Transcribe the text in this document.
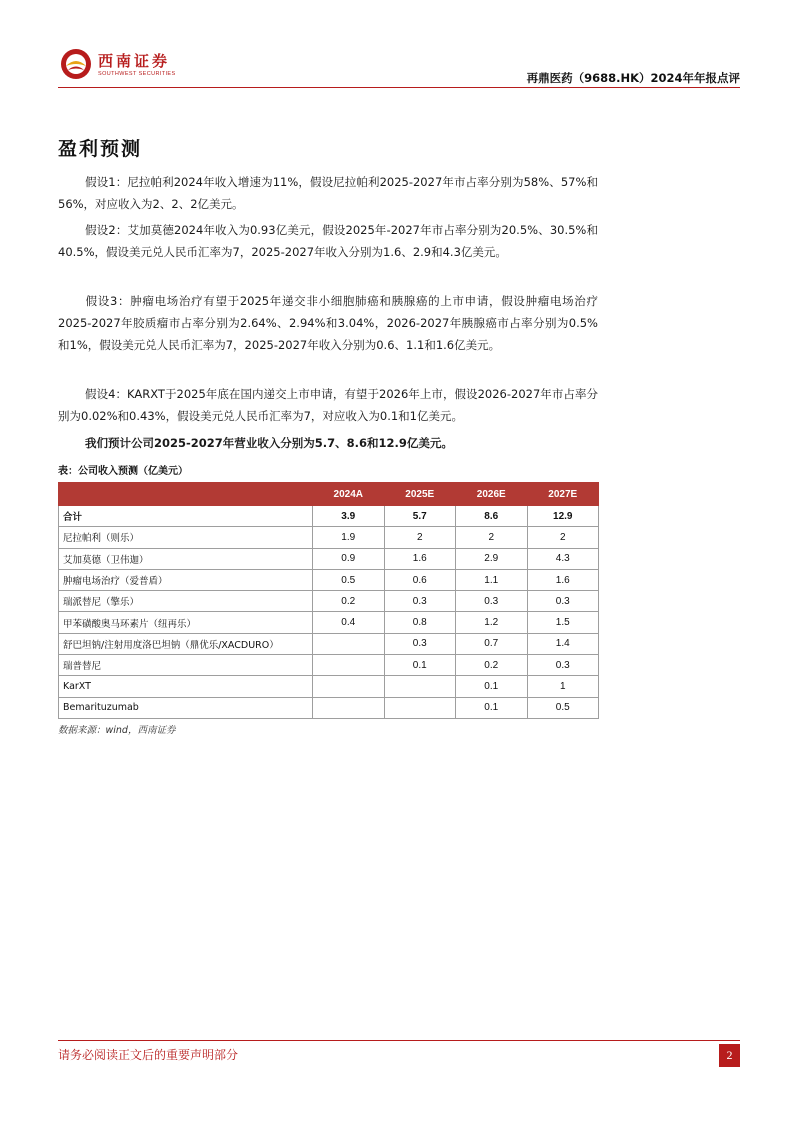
西南证券
SOUTHWEST SECURITIES	再鼎医药（9688.HK）2024年年报点评
盈利预测

假设1：尼拉帕利2024年收入增速为11%，假设尼拉帕利2025-2027年市占率分别为58%、57%和56%，对应收入为2、2、2亿美元。

假设2：艾加莫德2024年收入为0.93亿美元，假设2025年-2027年市占率分别为20.5%、30.5%和40.5%，假设美元兑人民币汇率为7，2025-2027年收入分别为1.6、2.9和4.3亿美元。

假设3：肿瘤电场治疗有望于2025年递交非小细胞肺癌和胰腺癌的上市申请，假设肿瘤电场治疗2025-2027年胶质瘤市占率分别为2.64%、2.94%和3.04%，2026-2027年胰腺癌市占率分别为0.5%和1%，假设美元兑人民币汇率为7，2025-2027年收入分别为0.6、1.1和1.6亿美元。

假设4：KARXT于2025年底在国内递交上市申请，有望于2026年上市，假设2026-2027年市占率分别为0.02%和0.43%，假设美元兑人民币汇率为7，对应收入为0.1和1亿美元。

我们预计公司2025-2027年营业收入分别为5.7、8.6和12.9亿美元。

表：公司收入预测（亿美元）
	2024A	2025E	2026E	2027E
合计	3.9	5.7	8.6	12.9
尼拉帕利（则乐）	1.9	2	2	2
艾加莫德（卫伟迦）	0.9	1.6	2.9	4.3
肿瘤电场治疗（爱普盾）	0.5	0.6	1.1	1.6
瑞派替尼（擎乐）	0.2	0.3	0.3	0.3
甲苯磺酸奥马环素片（纽再乐）	0.4	0.8	1.2	1.5
舒巴坦钠/注射用度洛巴坦钠（鼎优乐/XACDURO）		0.3	0.7	1.4
瑞普替尼		0.1	0.2	0.3
KarXT			0.1	1
Bemarituzumab			0.1	0.5
数据来源：wind，西南证券
请务必阅读正文后的重要声明部分	2
